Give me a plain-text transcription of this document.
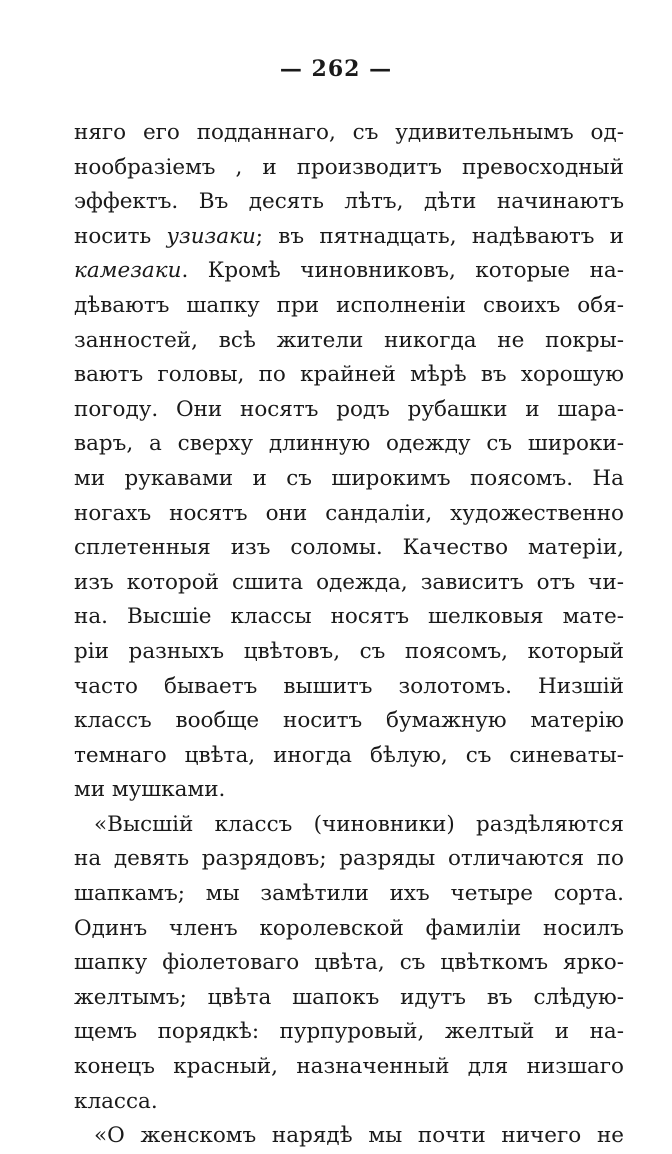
— 262 —
няго его подданнаго, съ удивительнымъ од-
нообразіемъ , и производитъ превосходный
эффектъ. Въ десять лѣтъ, дѣти начинаютъ
носить узизаки; въ пятнадцать, надѣваютъ и
камезаки. Кромѣ чиновниковъ, которые на-
дѣваютъ шапку при исполненіи своихъ обя-
занностей, всѣ жители никогда не покры-
ваютъ головы, по крайней мѣрѣ въ хорошую
погоду. Они носятъ родъ рубашки и шара-
варъ, а сверху длинную одежду съ широки-
ми рукавами и съ широкимъ поясомъ. На
ногахъ носятъ они сандаліи, художественно
сплетенныя изъ соломы. Качество матеріи,
изъ которой сшита одежда, зависитъ отъ чи-
на. Высшіе классы носятъ шелковыя мате-
ріи разныхъ цвѣтовъ, съ поясомъ, который
часто бываетъ вышитъ золотомъ. Низшій
классъ вообще носитъ бумажную матерію
темнаго цвѣта, иногда бѣлую, съ синеваты-
ми мушками.
«Высшій классъ (чиновники) раздѣляются
на девять разрядовъ; разряды отличаются по
шапкамъ; мы замѣтили ихъ четыре сорта.
Одинъ членъ королевской фамиліи носилъ
шапку фіолетоваго цвѣта, съ цвѣткомъ ярко-
желтымъ; цвѣта шапокъ идутъ въ слѣдую-
щемъ порядкѣ: пурпуровый, желтый и на-
конецъ красный, назначенный для низшаго
класса.
«О женскомъ нарядѣ мы почти ничего не
